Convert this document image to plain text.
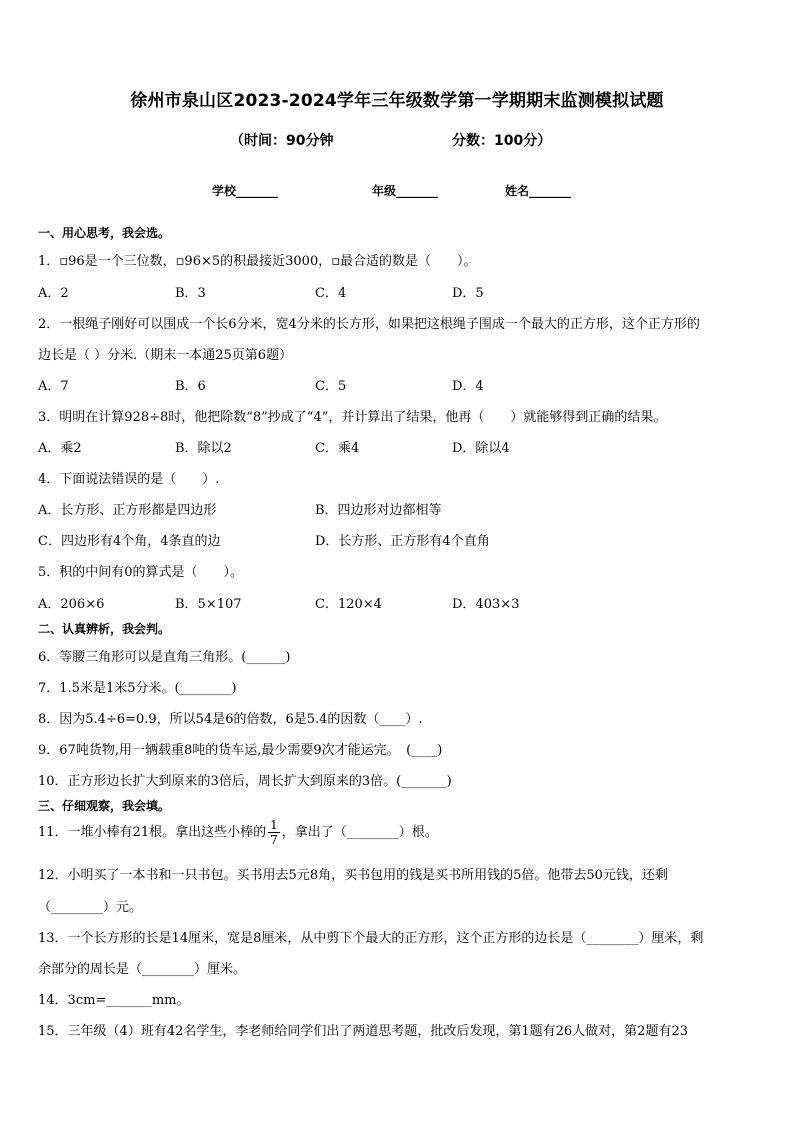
徐州市泉山区2023-2024学年三年级数学第一学期期末监测模拟试题
（时间：90分钟	分数：100分）
学校_______	年级_______	姓名_______
一、用心思考，我会选。
1．▫96是一个三位数，▫96×5的积最接近3000，▫最合适的数是（　　）。
A．2	B．3	C．4	D．5
2．一根绳子刚好可以围成一个长6分米，宽4分米的长方形，如果把这根绳子围成一个最大的正方形，这个正方形的
边长是（ ）分米.（期末一本通25页第6题）
A．7	B．6	C．5	D．4
3．明明在计算928÷8时，他把除数“8”抄成了“4”，并计算出了结果，他再（　　）就能够得到正确的结果。
A．乘2	B．除以2	C．乘4	D．除以4
4．下面说法错误的是（　　）.
A．长方形、正方形都是四边形	B．四边形对边都相等
C．四边形有4个角，4条直的边	D．长方形、正方形有4个直角
5．积的中间有0的算式是（　　）。
A．206×6	B．5×107	C．120×4	D．403×3
二、认真辨析，我会判。
6．等腰三角形可以是直角三角形。(______)
7．1.5米是1米5分米。(________)
8．因为5.4÷6=0.9，所以54是6的倍数，6是5.4的因数（____）.
9．67吨货物,用一辆载重8吨的货车运,最少需要9次才能运完。　(____)
10．正方形边长扩大到原来的3倍后，周长扩大到原来的3倍。(_______)
三、仔细观察，我会填。
11．一堆小棒有21根。拿出这些小棒的 $\frac{1}{7}$ ，拿出了（________）根。
12．小明买了一本书和一只书包。买书用去5元8角，买书包用的钱是买书所用钱的5倍。他带去50元钱，还剩
（________）元。
13．一个长方形的长是14厘米，宽是8厘米，从中剪下个最大的正方形，这个正方形的边长是（________）厘米，剩
余部分的周长是（________）厘米。
14．3cm=_______mm。
15．三年级（4）班有42名学生，李老师给同学们出了两道思考题，批改后发现，第1题有26人做对，第2题有23
